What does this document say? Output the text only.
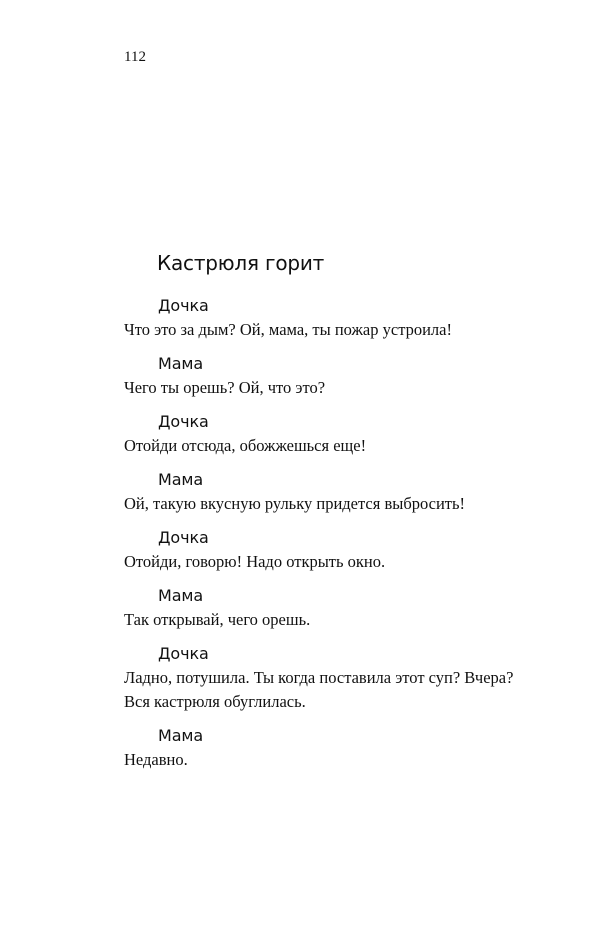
112
Кастрюля горит
Дочка
Что это за дым? Ой, мама, ты пожар устроила!
Мама
Чего ты орешь? Ой, что это?
Дочка
Отойди отсюда, обожжешься еще!
Мама
Ой, такую вкусную рульку придется выбросить!
Дочка
Отойди, говорю! Надо открыть окно.
Мама
Так открывай, чего орешь.
Дочка
Ладно, потушила. Ты когда поставила этот суп? Вчера?
Вся кастрюля обуглилась.
Мама
Недавно.
